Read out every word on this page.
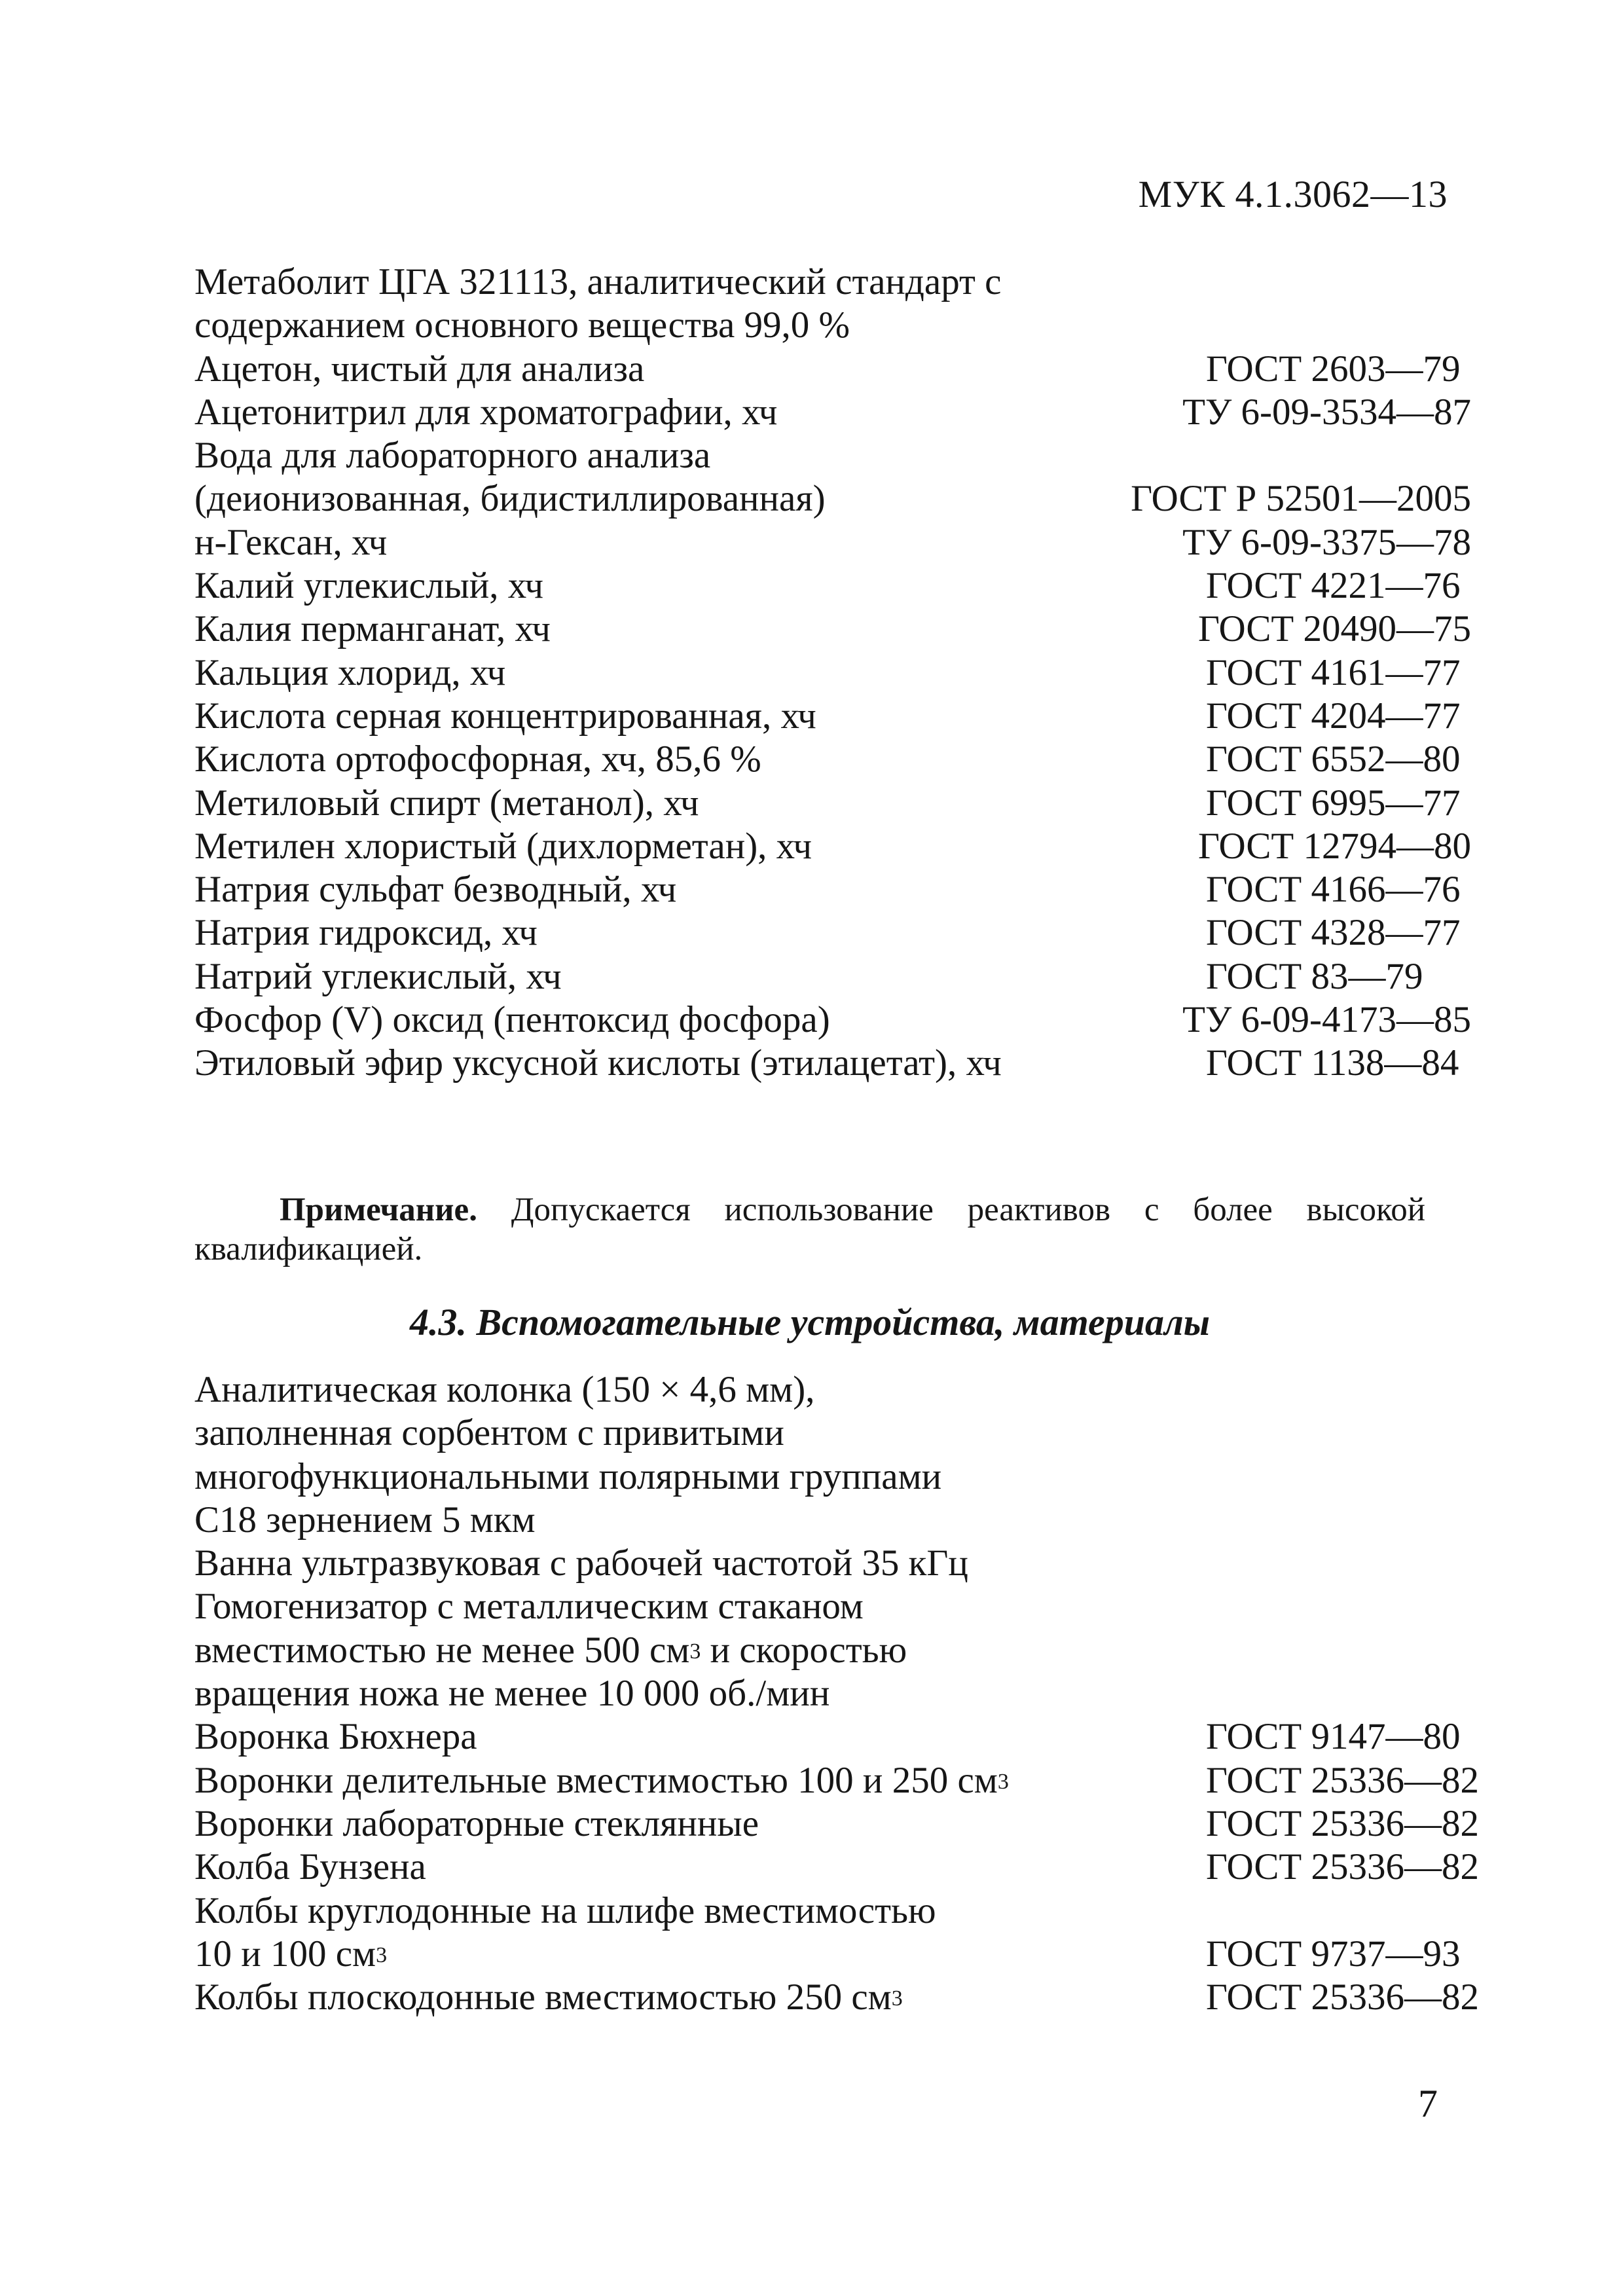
МУК 4.1.3062—13
Метаболит ЦГА 321113, аналитический стандарт с содержанием основного вещества 99,0 %
Ацетон, чистый для анализа	ГОСТ 2603—79
Ацетонитрил для хроматографии, хч	ТУ 6-09-3534—87
Вода для лабораторного анализа (деионизованная, бидистиллированная)	ГОСТ Р 52501—2005
н-Гексан, хч	ТУ 6-09-3375—78
Калий углекислый, хч	ГОСТ 4221—76
Калия перманганат, хч	ГОСТ 20490—75
Кальция хлорид, хч	ГОСТ 4161—77
Кислота серная концентрированная, хч	ГОСТ 4204—77
Кислота ортофосфорная, хч, 85,6 %	ГОСТ 6552—80
Метиловый спирт (метанол), хч	ГОСТ 6995—77
Метилен хлористый (дихлорметан), хч	ГОСТ 12794—80
Натрия сульфат безводный, хч	ГОСТ 4166—76
Натрия гидроксид, хч	ГОСТ 4328—77
Натрий углекислый, хч	ГОСТ 83—79
Фосфор (V) оксид (пентоксид фосфора)	ТУ 6-09-4173—85
Этиловый эфир уксусной кислоты (этилацетат), хч	ГОСТ 1138—84
Примечание. Допускается использование реактивов с более высокой квалификацией.
4.3. Вспомогательные устройства, материалы
Аналитическая колонка (150 × 4,6 мм),
заполненная сорбентом с привитыми
многофункциональными полярными группами
С18 зернением 5 мкм
Ванна ультразвуковая с рабочей частотой 35 кГц
Гомогенизатор с металлическим стаканом
вместимостью не менее 500 $см^3$ и скоростью
вращения ножа не менее 10 000 об./мин
Воронка Бюхнера	ГОСТ 9147—80
Воронки делительные вместимостью 100 и 250 $см^3$	ГОСТ 25336—82
Воронки лабораторные стеклянные	ГОСТ 25336—82
Колба Бунзена	ГОСТ 25336—82
Колбы круглодонные на шлифе вместимостью
10 и 100 $см^3$	ГОСТ 9737—93
Колбы плоскодонные вместимостью 250 $см^3$	ГОСТ 25336—82
7
